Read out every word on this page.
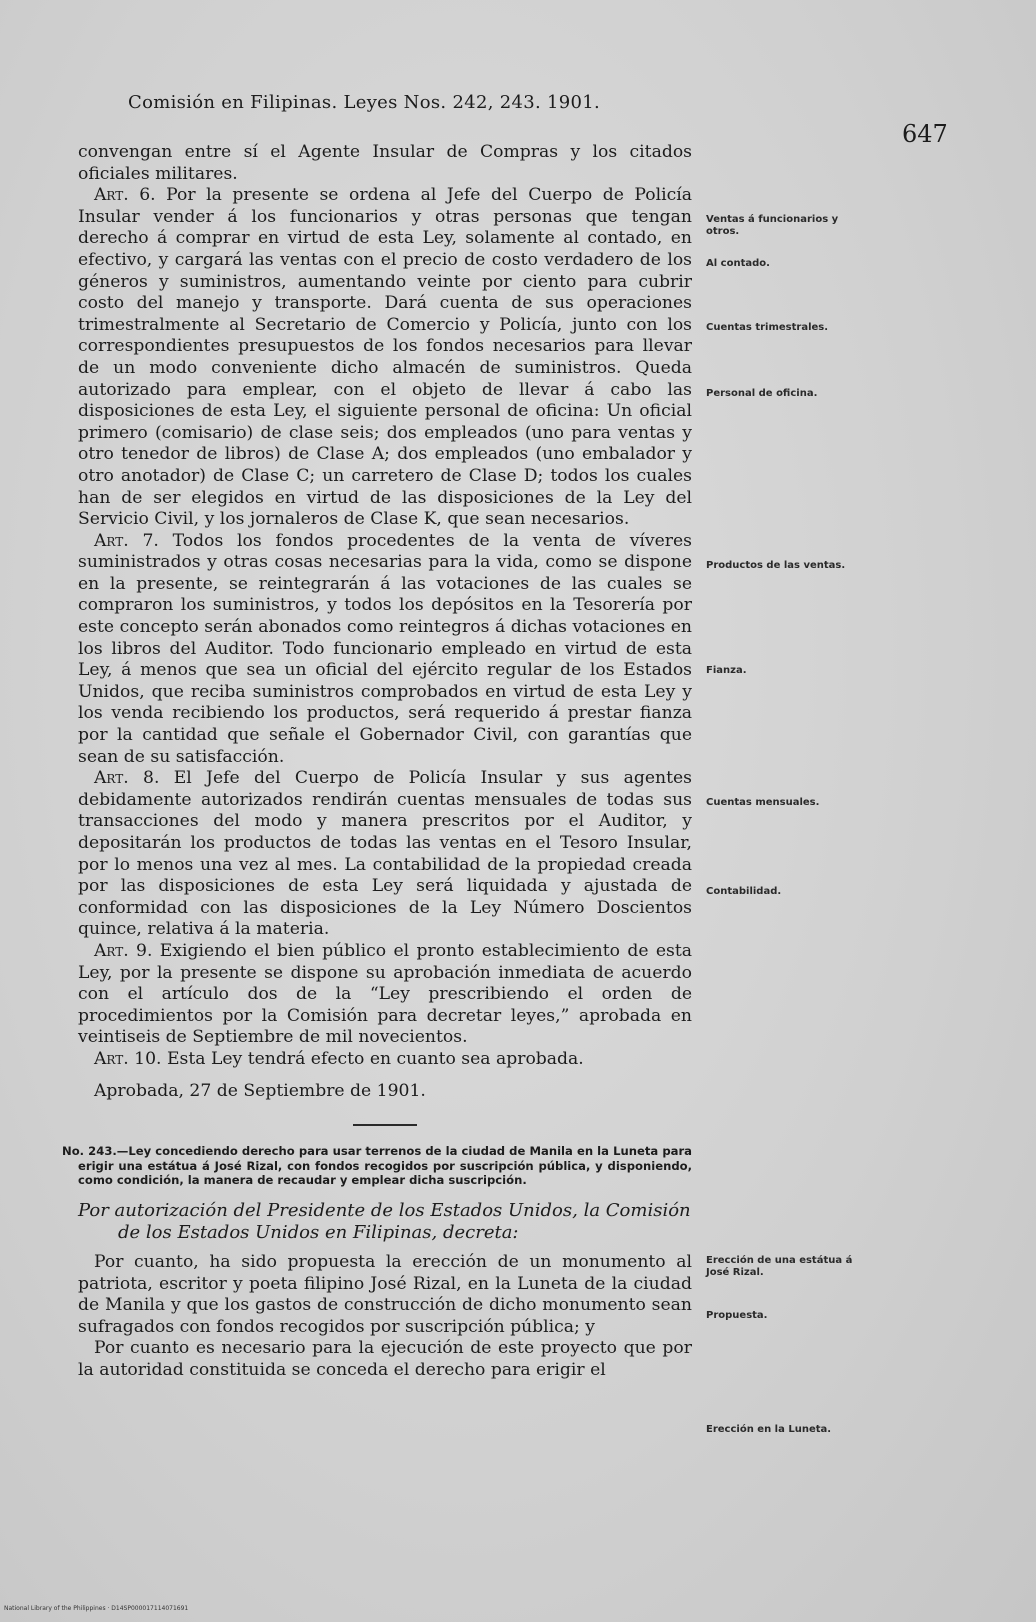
Comisión en Filipinas. Leyes Nos. 242, 243. 1901.
647

convengan entre sí el Agente Insular de Compras y los citados oficiales militares.

Art. 6. Por la presente se ordena al Jefe del Cuerpo de Policía Insular vender á los funcionarios y otras personas que tengan derecho á comprar en virtud de esta Ley, solamente al contado, en efectivo, y cargará las ventas con el precio de costo verdadero de los géneros y suministros, aumentando veinte por ciento para cubrir costo del manejo y transporte. Dará cuenta de sus operaciones trimestralmente al Secretario de Comercio y Policía, junto con los correspondientes presupuestos de los fondos necesarios para llevar de un modo conveniente dicho almacén de suministros. Queda autorizado para emplear, con el objeto de llevar á cabo las disposiciones de esta Ley, el siguiente personal de oficina: Un oficial primero (comisario) de clase seis; dos empleados (uno para ventas y otro tenedor de libros) de Clase A; dos empleados (uno embalador y otro anotador) de Clase C; un carretero de Clase D; todos los cuales han de ser elegidos en virtud de las disposiciones de la Ley del Servicio Civil, y los jornaleros de Clase K, que sean necesarios.

Art. 7. Todos los fondos procedentes de la venta de víveres suministrados y otras cosas necesarias para la vida, como se dispone en la presente, se reintegrarán á las votaciones de las cuales se compraron los suministros, y todos los depósitos en la Tesorería por este concepto serán abonados como reintegros á dichas votaciones en los libros del Auditor. Todo funcionario empleado en virtud de esta Ley, á menos que sea un oficial del ejército regular de los Estados Unidos, que reciba suministros comprobados en virtud de esta Ley y los venda recibiendo los productos, será requerido á prestar fianza por la cantidad que señale el Gobernador Civil, con garantías que sean de su satisfacción.

Art. 8. El Jefe del Cuerpo de Policía Insular y sus agentes debidamente autorizados rendirán cuentas mensuales de todas sus transacciones del modo y manera prescritos por el Auditor, y depositarán los productos de todas las ventas en el Tesoro Insular, por lo menos una vez al mes. La contabilidad de la propiedad creada por las disposiciones de esta Ley será liquidada y ajustada de conformidad con las disposiciones de la Ley Número Doscientos quince, relativa á la materia.

Art. 9. Exigiendo el bien público el pronto establecimiento de esta Ley, por la presente se dispone su aprobación inmediata de acuerdo con el artículo dos de la “Ley prescribiendo el orden de procedimientos por la Comisión para decretar leyes,” aprobada en veintiseis de Septiembre de mil novecientos.

Art. 10. Esta Ley tendrá efecto en cuanto sea aprobada.

Aprobada, 27 de Septiembre de 1901.

No. 243.—Ley concediendo derecho para usar terrenos de la ciudad de Manila en la Luneta para erigir una estátua á José Rizal, con fondos recogidos por suscripción pública, y disponiendo, como condición, la manera de recaudar y emplear dicha suscripción.

Por autorización del Presidente de los Estados Unidos, la Comisión
de los Estados Unidos en Filipinas, decreta:

Por cuanto, ha sido propuesta la erección de un monumento al patriota, escritor y poeta filipino José Rizal, en la Luneta de la ciudad de Manila y que los gastos de construcción de dicho monumento sean sufragados con fondos recogidos por suscripción pública; y

Por cuanto es necesario para la ejecución de este proyecto que por la autoridad constituida se conceda el derecho para erigir el

Ventas á funcionarios y otros.
Al contado.
Cuentas trimestrales.
Personal de oficina.
Productos de las ventas.
Fianza.
Cuentas mensuales.
Contabilidad.
Erección de una estátua á José Rizal.
Propuesta.
Erección en la Luneta.
National Library of the Philippines · D14SP000017114071691
